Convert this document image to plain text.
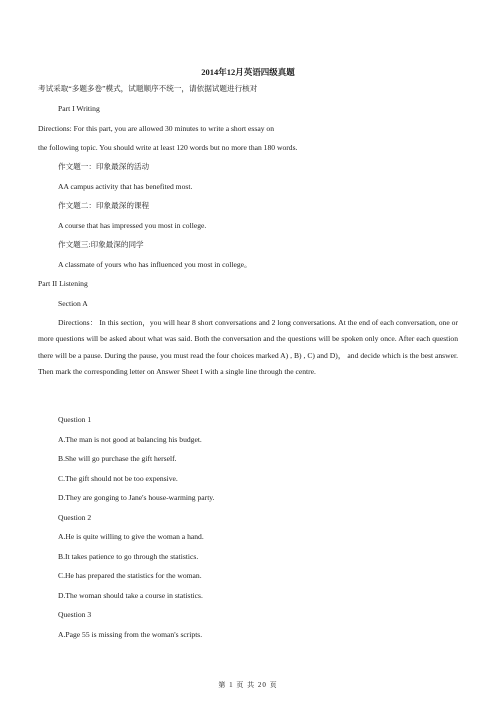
2014年12月英语四级真题
考试采取“多题多卷”模式，试题顺序不统一，请依据试题进行核对
Part I Writing
Directions: For this part, you are allowed 30 minutes to write a short essay on
the following topic. You should write at least 120 words but no more than 180 words.
作文题一：印象最深的活动
AA campus activity that has benefited most.
作文题二：印象最深的课程
A course that has impressed you most in college.
作文题三:印象最深的同学
A classmate of yours who has influenced you most in college。
Part II Listening
Section A
Directions： In this section，you will hear 8 short conversations and 2 long conversations. At the end of each conversation, one or more questions will be asked about what was said. Both the conversation and the questions will be spoken only once. After each question there will be a pause. During the pause, you must read the four choices marked A) , B) , C) and D)， and decide which is the best answer. Then mark the corresponding letter on Answer Sheet I with a single line through the centre.
Question 1
A.The man is not good at balancing his budget.
B.She will go purchase the gift herself.
C.The gift should not be too expensive.
D.They are gonging to Jane's house-warming party.
Question 2
A.He is quite willing to give the woman a hand.
B.It takes patience to go through the statistics.
C.He has prepared the statistics for the woman.
D.The woman should take a course in statistics.
Question 3
A.Page 55 is missing from the woman's scripts.
第 1 页 共 20 页
